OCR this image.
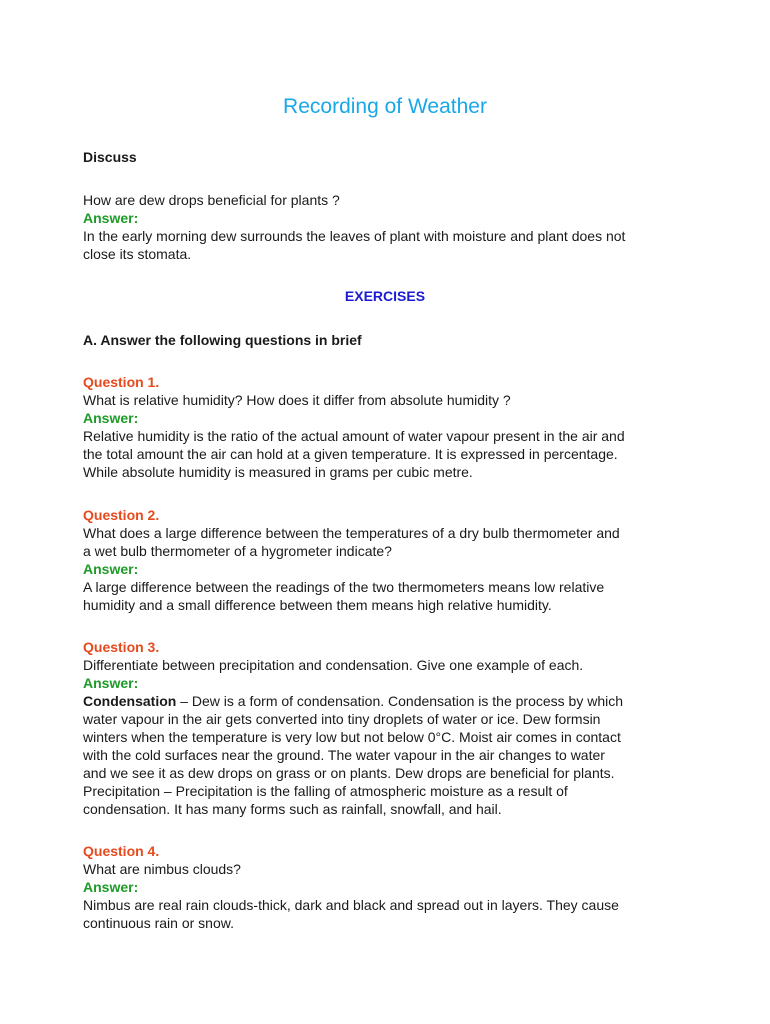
Recording of Weather
Discuss

How are dew drops beneficial for plants ?

Answer:

In the early morning dew surrounds the leaves of plant with moisture and plant does not

close its stomata.

EXERCISES
A. Answer the following questions in brief

Question 1.

What is relative humidity? How does it differ from absolute humidity ?

Answer:

Relative humidity is the ratio of the actual amount of water vapour present in the air and

the total amount the air can hold at a given temperature. It is expressed in percentage.

While absolute humidity is measured in grams per cubic metre.

Question 2.

What does a large difference between the temperatures of a dry bulb thermometer and

a wet bulb thermometer of a hygrometer indicate?

Answer:

A large difference between the readings of the two thermometers means low relative

humidity and a small difference between them means high relative humidity.

Question 3.

Differentiate between precipitation and condensation. Give one example of each.

Answer:

Condensation – Dew is a form of condensation. Condensation is the process by which

water vapour in the air gets converted into tiny droplets of water or ice. Dew formsin

winters when the temperature is very low but not below 0°C. Moist air comes in contact

with the cold surfaces near the ground. The water vapour in the air changes to water

and we see it as dew drops on grass or on plants. Dew drops are beneficial for plants.

Precipitation – Precipitation is the falling of atmospheric moisture as a result of

condensation. It has many forms such as rainfall, snowfall, and hail.

Question 4.

What are nimbus clouds?

Answer:

Nimbus are real rain clouds-thick, dark and black and spread out in layers. They cause

continuous rain or snow.
